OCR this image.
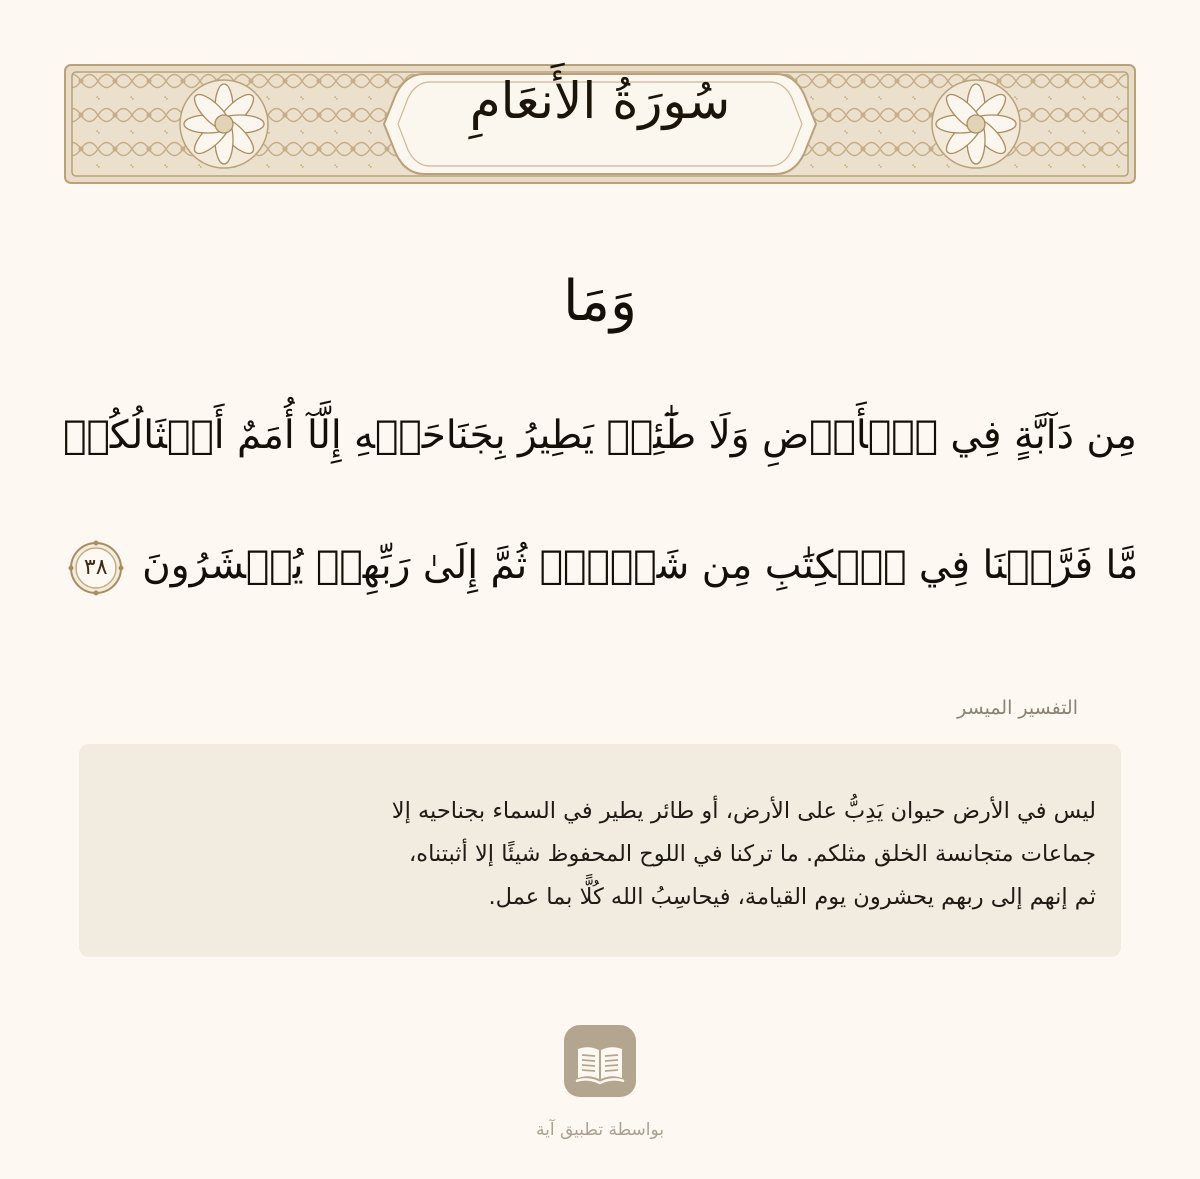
سُورَةُ الأَنعَامِ
وَمَا
مِن دَآبَّةٍ فِي ٱلۡأَرۡضِ وَلَا طَٰٓئِرٖ يَطِيرُ بِجَنَاحَيۡهِ إِلَّآ أُمَمٌ أَمۡثَالُكُمۚ
مَّا فَرَّطۡنَا فِي ٱلۡكِتَٰبِ مِن شَيۡءٖۚ ثُمَّ إِلَىٰ رَبِّهِمۡ يُحۡشَرُونَ
٣٨
التفسير الميسر
ليس في الأرض حيوان يَدِبُّ على الأرض، أو طائر يطير في السماء بجناحيه إلا
جماعات متجانسة الخلق مثلكم. ما تركنا في اللوح المحفوظ شيئًا إلا أثبتناه،
ثم إنهم إلى ربهم يحشرون يوم القيامة، فيحاسِبُ الله كُلًّا بما عمل.
بواسطة تطبيق آية
